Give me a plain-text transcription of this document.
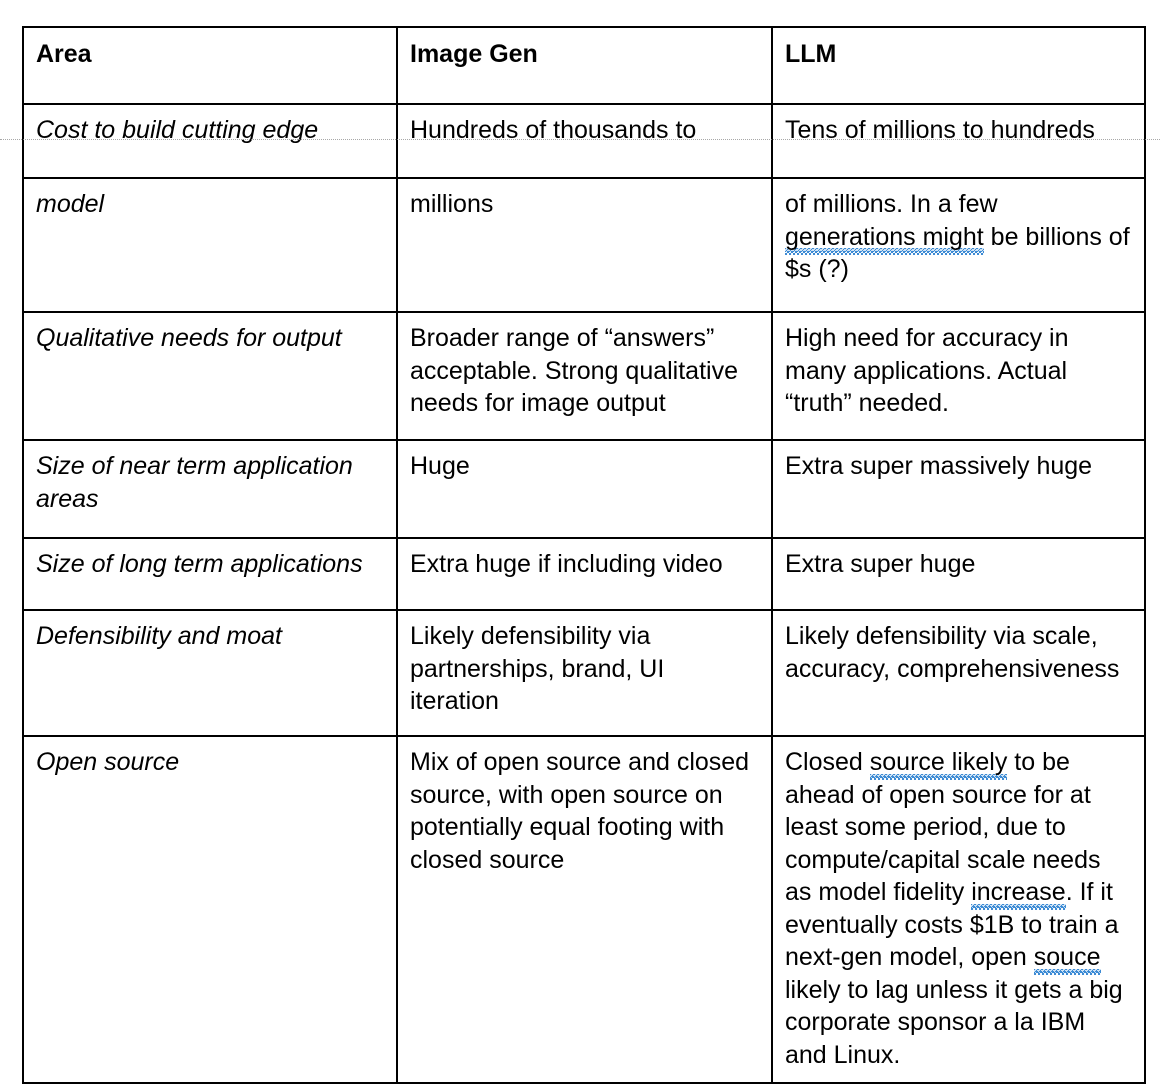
Area	Image Gen	LLM
Cost to build cutting edge	Hundreds of thousands to	Tens of millions to hundreds
model	millions	of millions. In a few generations might be billions of $s (?)
Qualitative needs for output	Broader range of “answers” acceptable. Strong qualitative needs for image output	High need for accuracy in many applications. Actual “truth” needed.
Size of near term application areas	Huge	Extra super massively huge
Size of long term applications	Extra huge if including video	Extra super huge
Defensibility and moat	Likely defensibility via partnerships, brand, UI iteration	Likely defensibility via scale, accuracy, comprehensiveness
Open source	Mix of open source and closed source, with open source on potentially equal footing with closed source	Closed source likely to be ahead of open source for at least some period, due to compute/capital scale needs as model fidelity increase. If it eventually costs $1B to train a next-gen model, open souce likely to lag unless it gets a big corporate sponsor a la IBM and Linux.
